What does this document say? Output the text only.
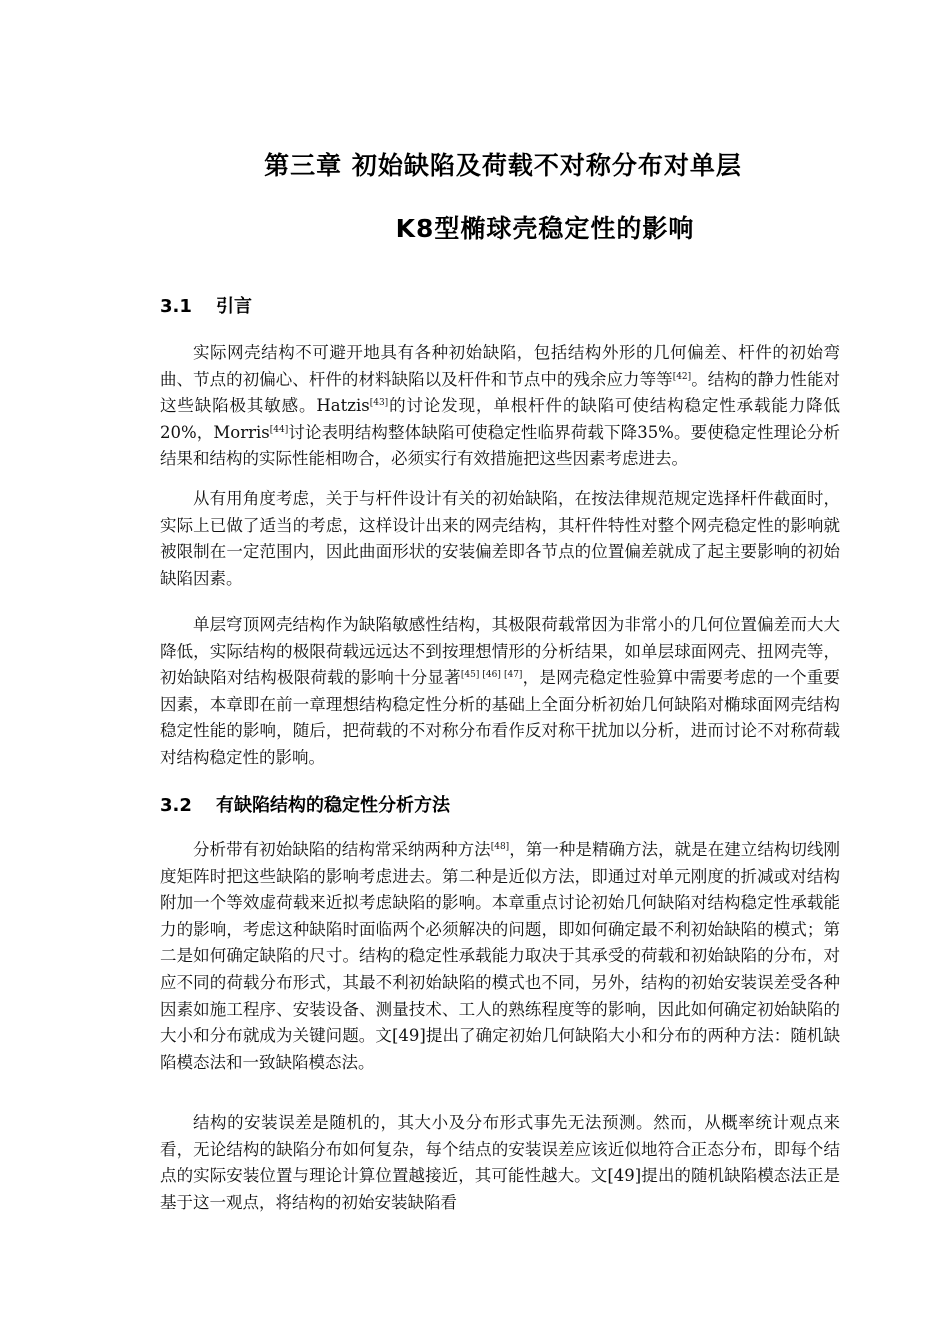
第三章 初始缺陷及荷载不对称分布对单层
K8型椭球壳稳定性的影响
3.1 引言

实际网壳结构不可避开地具有各种初始缺陷，包括结构外形的几何偏差、杆件的初始弯曲、节点的初偏心、杆件的材料缺陷以及杆件和节点中的残余应力等等[42]。结构的静力性能对这些缺陷极其敏感。Hatzis[43]的讨论发现，单根杆件的缺陷可使结构稳定性承载能力降低20%，Morris[44]讨论表明结构整体缺陷可使稳定性临界荷载下降35%。要使稳定性理论分析结果和结构的实际性能相吻合，必须实行有效措施把这些因素考虑进去。

从有用角度考虑，关于与杆件设计有关的初始缺陷，在按法律规范规定选择杆件截面时，实际上已做了适当的考虑，这样设计出来的网壳结构，其杆件特性对整个网壳稳定性的影响就被限制在一定范围内，因此曲面形状的安装偏差即各节点的位置偏差就成了起主要影响的初始缺陷因素。

单层穹顶网壳结构作为缺陷敏感性结构，其极限荷载常因为非常小的几何位置偏差而大大降低，实际结构的极限荷载远远达不到按理想情形的分析结果，如单层球面网壳、扭网壳等，初始缺陷对结构极限荷载的影响十分显著[45] [46] [47]，是网壳稳定性验算中需要考虑的一个重要因素，本章即在前一章理想结构稳定性分析的基础上全面分析初始几何缺陷对椭球面网壳结构稳定性能的影响，随后，把荷载的不对称分布看作反对称干扰加以分析，进而讨论不对称荷载对结构稳定性的影响。

3.2 有缺陷结构的稳定性分析方法

分析带有初始缺陷的结构常采纳两种方法[48]，第一种是精确方法，就是在建立结构切线刚度矩阵时把这些缺陷的影响考虑进去。第二种是近似方法，即通过对单元刚度的折减或对结构附加一个等效虚荷载来近拟考虑缺陷的影响。本章重点讨论初始几何缺陷对结构稳定性承载能力的影响，考虑这种缺陷时面临两个必须解决的问题，即如何确定最不利初始缺陷的模式；第二是如何确定缺陷的尺寸。结构的稳定性承载能力取决于其承受的荷载和初始缺陷的分布，对应不同的荷载分布形式，其最不利初始缺陷的模式也不同，另外，结构的初始安装误差受各种因素如施工程序、安装设备、测量技术、工人的熟练程度等的影响，因此如何确定初始缺陷的大小和分布就成为关键问题。文[49]提出了确定初始几何缺陷大小和分布的两种方法：随机缺陷模态法和一致缺陷模态法。

结构的安装误差是随机的，其大小及分布形式事先无法预测。然而，从概率统计观点来看，无论结构的缺陷分布如何复杂，每个结点的安装误差应该近似地符合正态分布，即每个结点的实际安装位置与理论计算位置越接近，其可能性越大。文[49]提出的随机缺陷模态法正是基于这一观点，将结构的初始安装缺陷看
